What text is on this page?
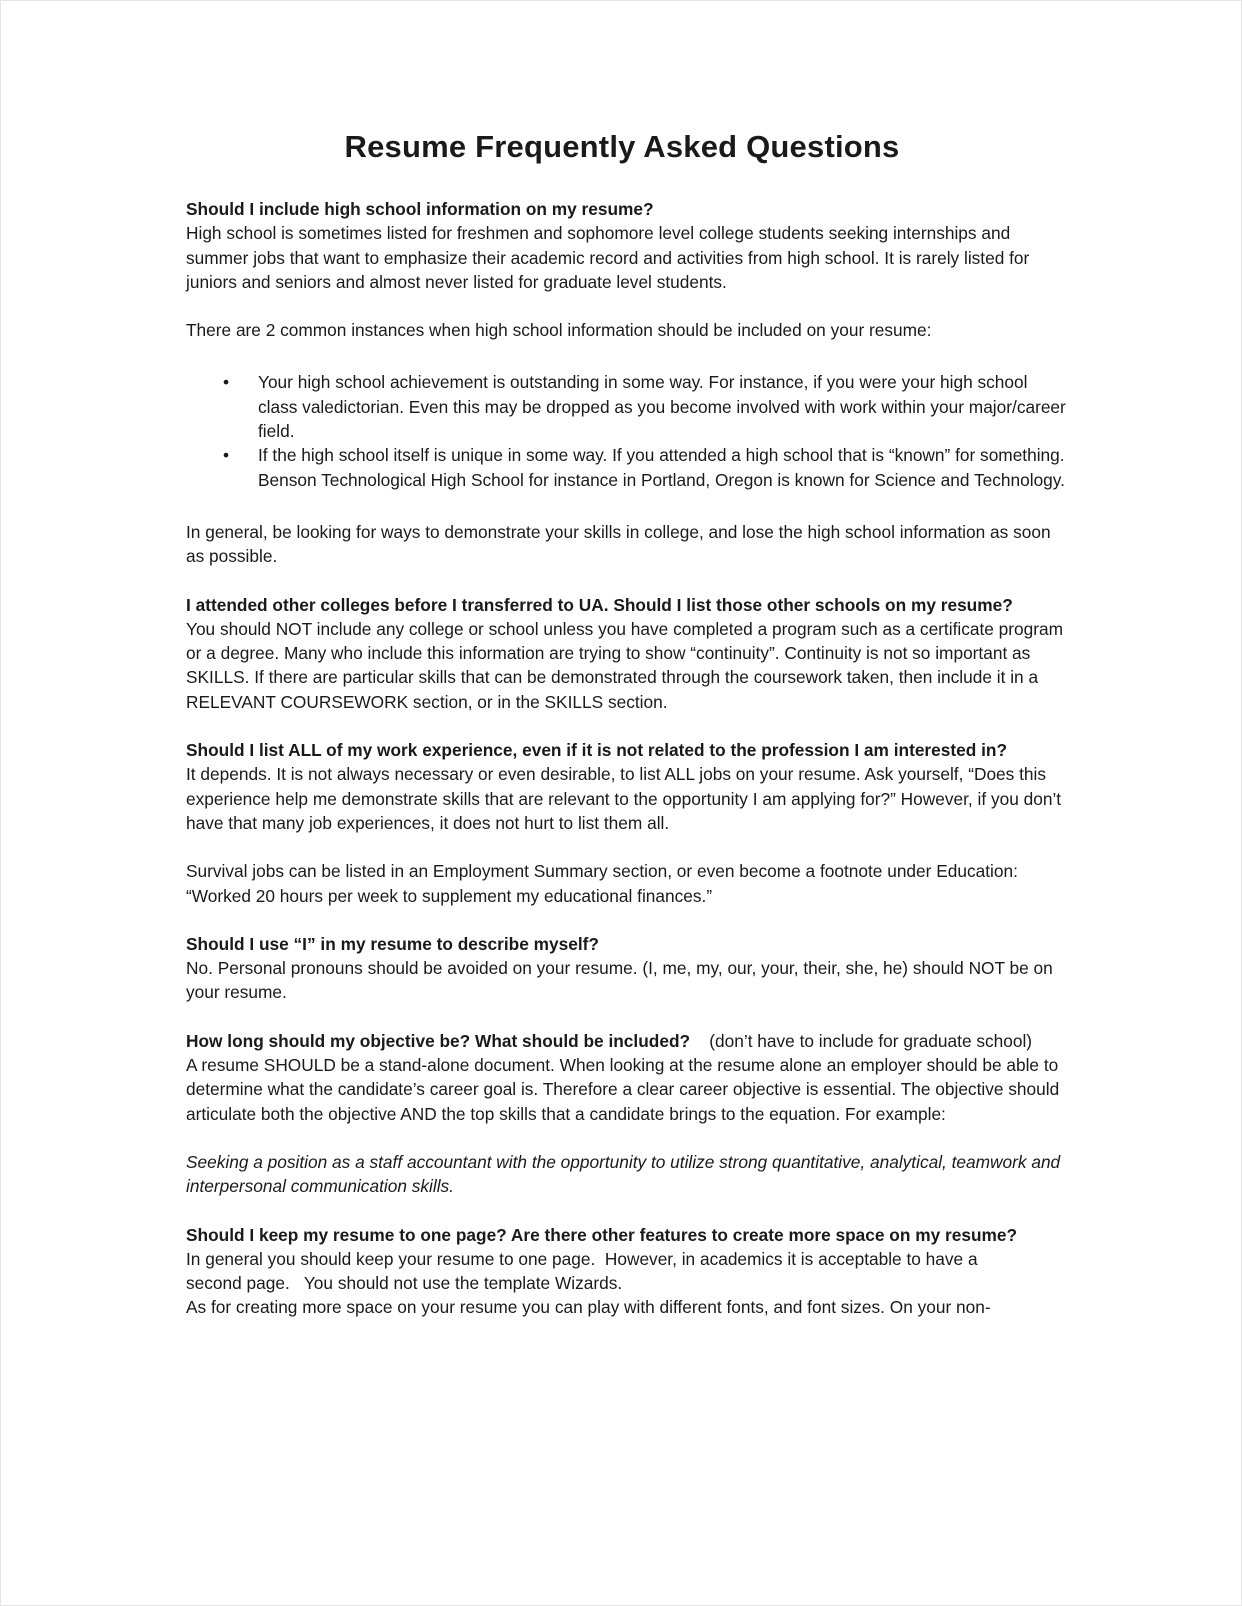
Resume Frequently Asked Questions

Should I include high school information on my resume?

High school is sometimes listed for freshmen and sophomore level college students seeking internships and summer jobs that want to emphasize their academic record and activities from high school. It is rarely listed for juniors and seniors and almost never listed for graduate level students.

There are 2 common instances when high school information should be included on your resume:

• Your high school achievement is outstanding in some way. For instance, if you were your high school class valedictorian. Even this may be dropped as you become involved with work within your major/career field.
• If the high school itself is unique in some way. If you attended a high school that is “known” for something. Benson Technological High School for instance in Portland, Oregon is known for Science and Technology.

In general, be looking for ways to demonstrate your skills in college, and lose the high school information as soon as possible.

I attended other colleges before I transferred to UA. Should I list those other schools on my resume?

You should NOT include any college or school unless you have completed a program such as a certificate program or a degree. Many who include this information are trying to show “continuity”. Continuity is not so important as SKILLS. If there are particular skills that can be demonstrated through the coursework taken, then include it in a RELEVANT COURSEWORK section, or in the SKILLS section.

Should I list ALL of my work experience, even if it is not related to the profession I am interested in?

It depends. It is not always necessary or even desirable, to list ALL jobs on your resume. Ask yourself, “Does this experience help me demonstrate skills that are relevant to the opportunity I am applying for?” However, if you don’t have that many job experiences, it does not hurt to list them all.

Survival jobs can be listed in an Employment Summary section, or even become a footnote under Education: “Worked 20 hours per week to supplement my educational finances.”

Should I use “I” in my resume to describe myself?

No. Personal pronouns should be avoided on your resume. (I, me, my, our, your, their, she, he) should NOT be on your resume.

How long should my objective be? What should be included? (don’t have to include for graduate school)

A resume SHOULD be a stand-alone document. When looking at the resume alone an employer should be able to determine what the candidate’s career goal is. Therefore a clear career objective is essential. The objective should articulate both the objective AND the top skills that a candidate brings to the equation. For example:

Seeking a position as a staff accountant with the opportunity to utilize strong quantitative, analytical, teamwork and interpersonal communication skills.

Should I keep my resume to one page? Are there other features to create more space on my resume?

In general you should keep your resume to one page.  However, in academics it is acceptable to have a

second page.   You should not use the template Wizards.

As for creating more space on your resume you can play with different fonts, and font sizes. On your non-
